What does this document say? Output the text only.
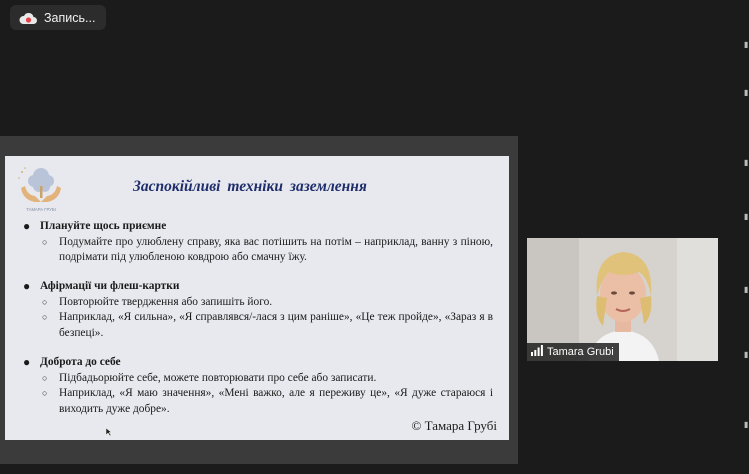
Запись...
ТАМАРА ГРУБІ
Заспокійливі техніки заземлення
● Плануйте щось приємне
○	Подумайте про улюблену справу, яка вас потішить на потім – наприклад, ванну з піною, подрімати під улюбленою ковдрою або смачну їжу.
● Афірмації чи флеш-картки
○	Повторюйте твердження або запишіть його.
○	Наприклад, «Я сильна», «Я справлявся/-лася з цим раніше», «Це теж пройде», «Зараз я в безпеці».
● Доброта до себе
○	Підбадьорюйте себе, можете повторювати про себе або записати.
○	Наприклад, «Я маю значення», «Мені важко, але я переживу це», «Я дуже стараюся і виходить дуже добре».
© Тамара Грубі
Tamara Grubi
▮
▮
▮
▮
▮
▮
▮
